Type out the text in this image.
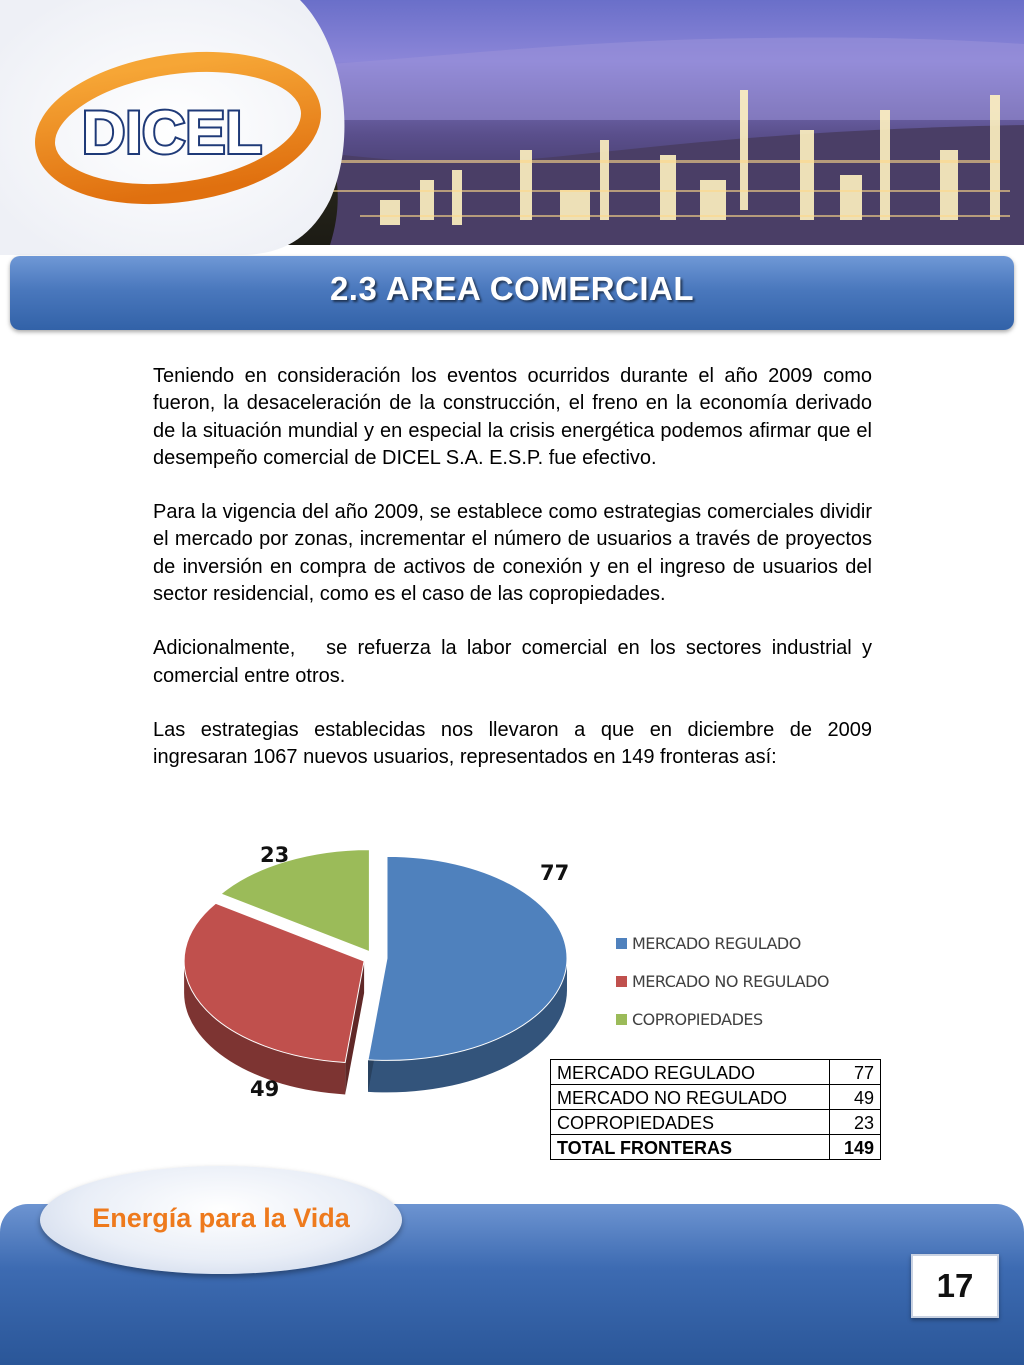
DICEL
2.3 AREA COMERCIAL

Teniendo en consideración los eventos ocurridos durante el año 2009 como fueron, la desaceleración de la construcción, el freno en la economía derivado de la situación mundial y en especial la crisis energética podemos afirmar que el desempeño comercial de DICEL S.A. E.S.P. fue efectivo.

Para la vigencia del año 2009, se establece como estrategias comerciales dividir el mercado por zonas, incrementar el número de usuarios a través de proyectos de inversión en compra de activos de conexión y en el ingreso de usuarios del sector residencial, como es el caso de las copropiedades.

Adicionalmente,   se refuerza la labor comercial en los sectores industrial y comercial entre otros.

Las estrategias establecidas nos llevaron a que en diciembre de 2009 ingresaran 1067 nuevos usuarios, representados en 149 fronteras así:

77
49
23
MERCADO REGULADO
MERCADO NO REGULADO
COPROPIEDADES
MERCADO REGULADO	77
MERCADO NO REGULADO	49
COPROPIEDADES	23
TOTAL FRONTERAS	149
Energía para la Vida
17
